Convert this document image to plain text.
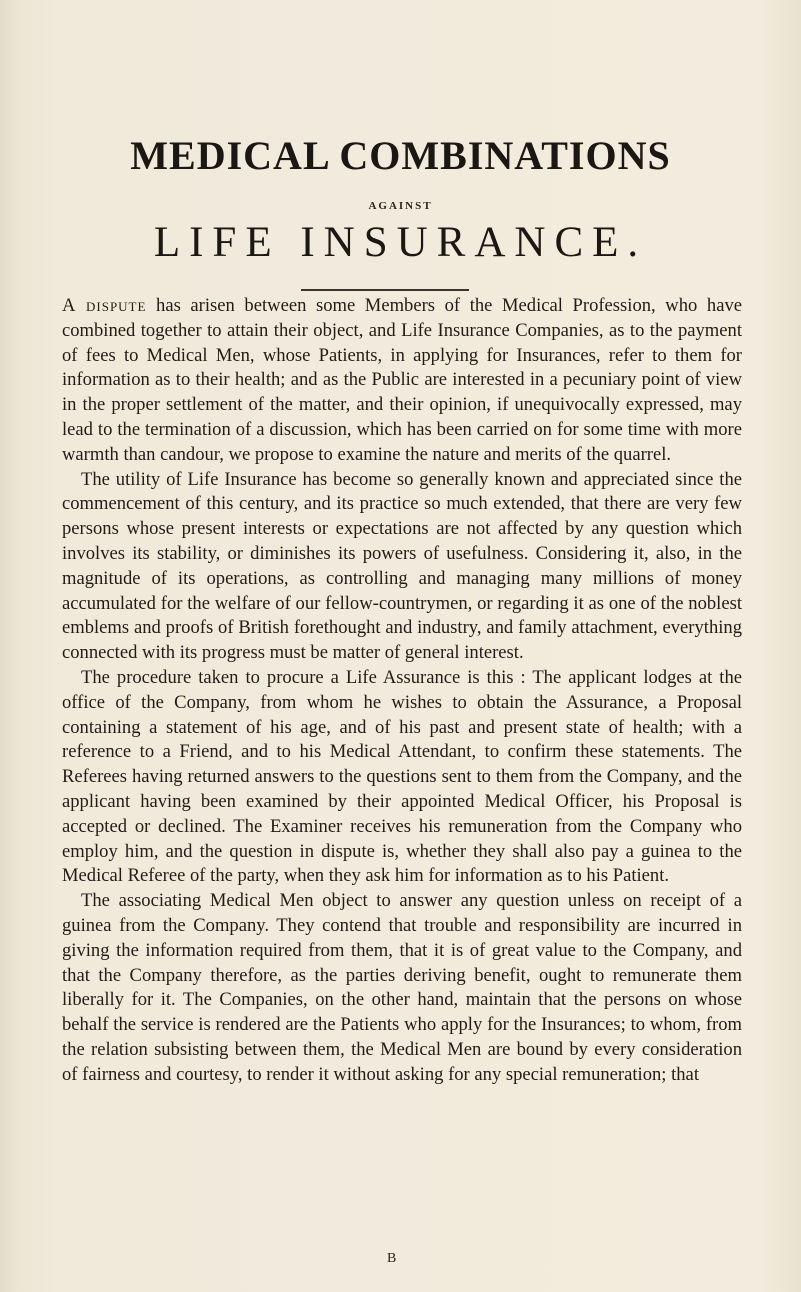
MEDICAL COMBINATIONS
AGAINST
LIFE INSURANCE.

A dispute has arisen between some Members of the Medical Profession, who have combined together to attain their object, and Life Insurance Companies, as to the payment of fees to Medical Men, whose Patients, in applying for Insurances, refer to them for information as to their health; and as the Public are interested in a pecuniary point of view in the proper settlement of the matter, and their opinion, if unequivocally expressed, may lead to the termination of a discussion, which has been carried on for some time with more warmth than candour, we propose to examine the nature and merits of the quarrel.

The utility of Life Insurance has become so generally known and appreciated since the commencement of this century, and its practice so much extended, that there are very few persons whose present interests or expectations are not affected by any question which involves its stability, or diminishes its powers of usefulness. Considering it, also, in the magnitude of its operations, as controlling and managing many millions of money accumulated for the welfare of our fellow-countrymen, or regarding it as one of the noblest emblems and proofs of British forethought and industry, and family attachment, everything connected with its progress must be matter of general interest.

The procedure taken to procure a Life Assurance is this : The applicant lodges at the office of the Company, from whom he wishes to obtain the Assurance, a Proposal containing a statement of his age, and of his past and present state of health; with a reference to a Friend, and to his Medical Attendant, to confirm these statements. The Referees having returned answers to the questions sent to them from the Company, and the applicant having been examined by their appointed Medical Officer, his Proposal is accepted or declined. The Examiner receives his remuneration from the Company who employ him, and the question in dispute is, whether they shall also pay a guinea to the Medical Referee of the party, when they ask him for information as to his Patient.

The associating Medical Men object to answer any question unless on receipt of a guinea from the Company. They contend that trouble and responsibility are incurred in giving the information required from them, that it is of great value to the Company, and that the Company therefore, as the parties deriving benefit, ought to remunerate them liberally for it. The Companies, on the other hand, maintain that the persons on whose behalf the service is rendered are the Patients who apply for the Insurances; to whom, from the relation subsisting between them, the Medical Men are bound by every consideration of fairness and courtesy, to render it without asking for any special remuneration; that

B
